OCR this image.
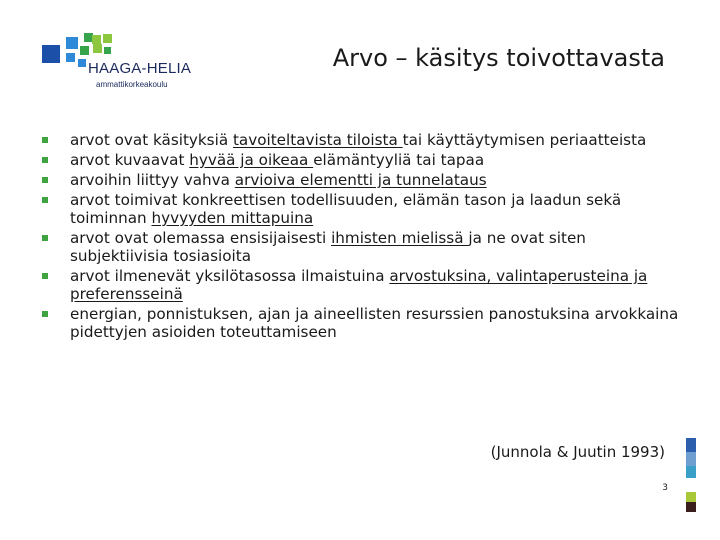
HAAGA-HELIA
ammattikorkeakoulu
Arvo – käsitys toivottavasta
arvot ovat käsityksiä tavoiteltavista tiloista tai käyttäytymisen periaatteista
arvot kuvaavat hyvää ja oikeaa elämäntyyliä tai tapaa
arvoihin liittyy vahva arvioiva elementti ja tunnelataus
arvot toimivat konkreettisen todellisuuden, elämän tason ja laadun sekä toiminnan hyvyyden mittapuina
arvot ovat olemassa ensisijaisesti ihmisten mielissä ja ne ovat siten subjektiivisia tosiasioita
arvot ilmenevät yksilötasossa ilmaistuina arvostuksina, valintaperusteina ja preferensseinä
energian, ponnistuksen, ajan ja aineellisten resurssien panostuksina arvokkaina pidettyjen asioiden toteuttamiseen
(Junnola & Juutin 1993)
3
